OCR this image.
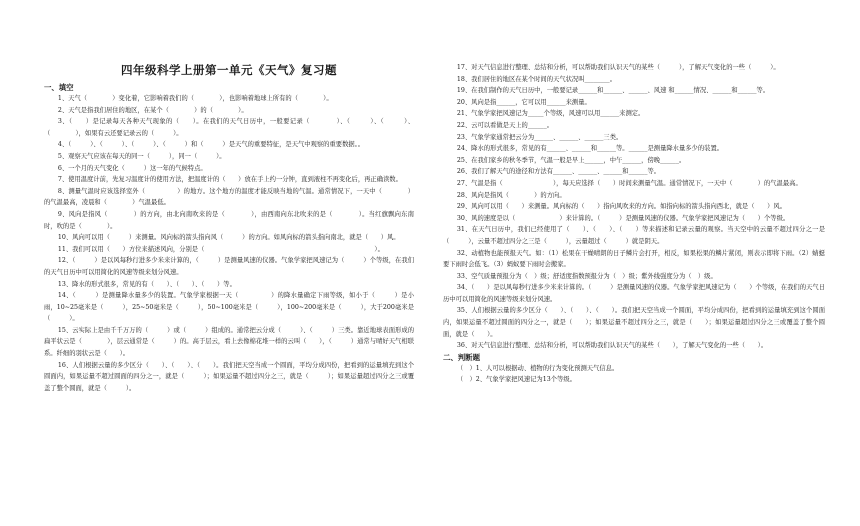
四年级科学上册第一单元《天气》复习题

一、填空

1、天气（　　　　）变化着，它影响着我们的（　　　　），也影响着地球上所有的（　　　　）。

2、天气是指我们居住的地区，在某个（　　　　）的（　　　　）。

3、（　　）是记录每天各种天气现象的（　　）。在我们的天气日历中，一般要记录（　　　　）、（　　　）、（　　　）、（　　　　），如果有云还要记录云的（　　　）。

4、（　　　）、（　　　）、（　　　）、（　　　）和（　　　）是天气的重要特征，是天气中观察的重要数据。。

5、观察天气应该在每天的同一（　　　），同一（　　　）。

6、一个月的天气变化（　　　）这一年的气候特点。

7、使用温度计前，先复习温度计的使用方法，把温度计的（　　）放在手上约一分钟，直到液柱不再变化后，再正确读数。

8、测量气温时应该选择室外（　　　　　）的地方。这个地方的温度才能反映当地的气温。通常情况下，一天中（　　　　）的气温最高，凌晨和（　　　　）气温最低。

9、风向是指风（　　　　）的方向，由北向南吹来的是（　　　　），由西南向东北吹来的是（　　　　）。当红旗飘向东南时，吹的是（　　　　）。

10、风向可以用（　　　）来测量。风向标的箭头指向风（　　　）的方向。如风向标的箭头指向南北，就是（　　）风。

11、我们可以用（　　）方位来描述风向，分别是（　　　　　　　　　　　　　　　　　　　　　　　　　　　）。

12、（　　　）是以风每秒行进多少米来计算的，（　　　）是测量风速的仪器。气象学家把风速记为（　　　）个等级，在我们的天气日历中可以用简化的风速等级来划分风速。

13、降水的形式很多，常见的有（　　）、（　　）、（　　）等。

14、（　　　）是测量降水量多少的装置。气象学家根据一天（　　　　　）的降水量确定下雨等级，如小于（　　　）是小雨，10~25毫米是（　　　），25~50毫米是（　　　），50~100毫米是（　　　），100~200毫米是（　　　），大于200毫米是（　　　）。

15、云实际上是由千千万万的（　　　）或（　　　）组成的。通常把云分成（　　　）、（　　　）三类。靠近地球表面形成的扁平状云是（　　　　），层云通常是（　　　）的。高于层云，看上去像棉花堆一样的云叫（　　），（　　　）通常与晴好天气相联系。纤细的羽状云是（　　）。

16、人们根据云量的多少区分（　　）、（　　）、（　　）。我们把天空当成一个圆面，平均分成四份，把看到的运量填充到这个圆面内，如果运量不超过圆面的四分之一，就是（　　　）；如果运量不超过四分之三，就是（　　　）；如果运量超过四分之三或覆盖了整个圆面，就是（　　　）。

17、对天气信息进行整理、总结和分析，可以帮助我们认识天气的某些（　　　），了解天气变化的一些（　　　）。

18、我们居住的地区在某个时间的天气状况叫________。

19、在我们制作的天气日历中，一般要记录______和______、______、风速 和______情况、______和______等。

20、风向是指______，它可以用______来测量。

21、气象学家把风速记为_____个等级，风速可以用______来测定。

22、云可以看做是天上的______。

23、气象学家通常把云分为______、______、______三类。

24、降水的形式很多，常见的有______、______和______等。______是测量降水量多少的装置。

25、在我们家乡的秋冬季节，气温一般是早上______，中午______，傍晚______。

26、我们了解天气的途径和方法有______、______、______和______等。

27、气温是指（　　　　　　　　），每天应选择（　　）时间来测量气温。通常情况下，一天中（　　　　）的气温最高。

28、风向是指风（　　　　）的方向。

29、风向可以用（　　）来测量。风向标的（　　）指向风吹来的方向。如指向标的箭头指向西北，就是（　　）风。

30、风的速度是以（　　　　　　　）来计算的。（　　　）是测量风速的仪器。气象学家把风速记为（　　）个等级。

31、在天气日历中，我们已经使用了（　　）、（　　）、（　　）等来描述和记录云量的观察。当天空中的云量不超过四分之一是（　　　），云量不超过四分之三是（　　　），云量超过（　　　）就是阴天。

32、动植物也能预报天气。如：（1）松果在干燥晴朗的日子鳞片会打开，相反，如果松果的鳞片紧闭，则表示即将下雨。（2）蜻蜓要下雨时会低飞。（3）蚂蚁要下雨时会搬家。

33、空气质量预报分为（　）级；舒适度指数预报分为（　）级；紫外线强度分为（　）级。

34、（　　）是以风每秒行进多少米来计算的。（　　　）是测量风速的仪器。气象学家把风速记为（　　）个等级，在我们的天气日历中可以用简化的风速等级来划分风速。

35、人们根据云量的多少区分（　　）、（　　）、（　　）。我们把天空当成一个圆面，平均分成四份，把看到的运量填充到这个圆面内，如果运量不超过圆面的四分之一，就是（　　）；如果运量不超过四分之三，就是（　　）；如果运量超过四分之三或覆盖了整个圆面，就是（　　）。

36、对天气信息进行整理、总结和分析，可以帮助我们认识天气的某些（　　），了解天气变化的一些（　　）。

二、判断题

（　）1、人可以根据动、植物的行为变化预测天气信息。

（　）2、气象学家把风速记为13个等级。
